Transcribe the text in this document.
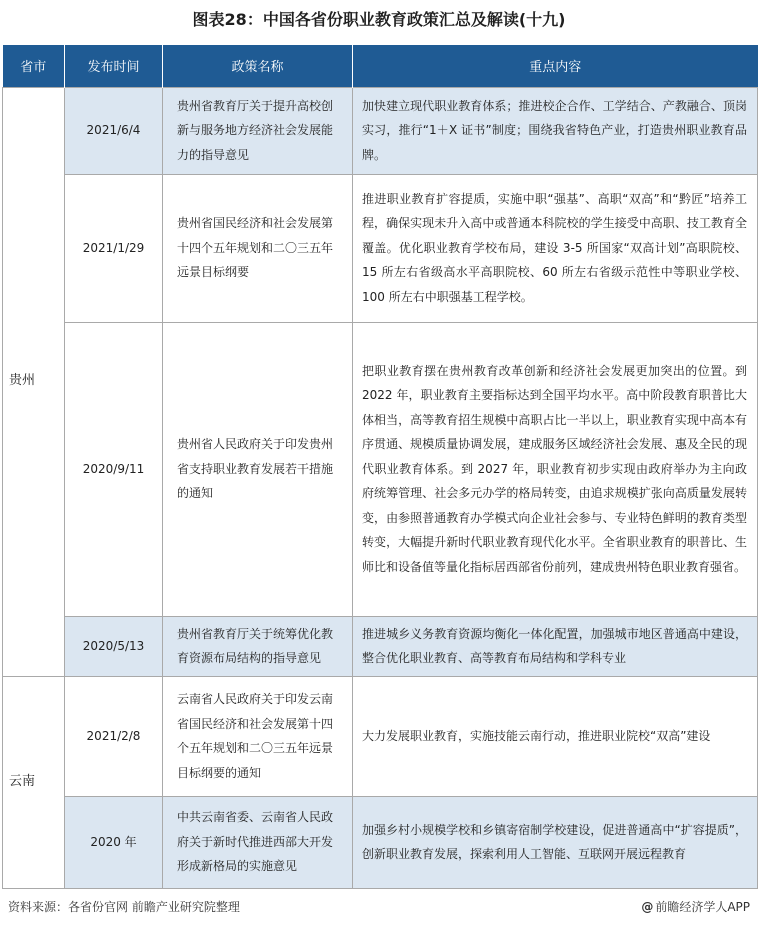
图表28：中国各省份职业教育政策汇总及解读(十九)
省市	发布时间	政策名称	重点内容
贵州	2021/6/4	贵州省教育厅关于提升高校创新与服务地方经济社会发展能力的指导意见	加快建立现代职业教育体系；推进校企合作、工学结合、产教融合、顶岗实习，推行“1＋X 证书”制度；围绕我省特色产业，打造贵州职业教育品牌。
	2021/1/29	贵州省国民经济和社会发展第十四个五年规划和二〇三五年远景目标纲要	推进职业教育扩容提质，实施中职“强基”、高职“双高”和“黔匠”培养工程，确保实现未升入高中或普通本科院校的学生接受中高职、技工教育全覆盖。优化职业教育学校布局，建设 3-5 所国家“双高计划”高职院校、15 所左右省级高水平高职院校、60 所左右省级示范性中等职业学校、100 所左右中职强基工程学校。
	2020/9/11	贵州省人民政府关于印发贵州省支持职业教育发展若干措施的通知	把职业教育摆在贵州教育改革创新和经济社会发展更加突出的位置。到 2022 年，职业教育主要指标达到全国平均水平。高中阶段教育职普比大体相当，高等教育招生规模中高职占比一半以上，职业教育实现中高本有序贯通、规模质量协调发展，建成服务区域经济社会发展、惠及全民的现代职业教育体系。到 2027 年，职业教育初步实现由政府举办为主向政府统筹管理、社会多元办学的格局转变，由追求规模扩张向高质量发展转变，由参照普通教育办学模式向企业社会参与、专业特色鲜明的教育类型转变，大幅提升新时代职业教育现代化水平。全省职业教育的职普比、生师比和设备值等量化指标居西部省份前列，建成贵州特色职业教育强省。
	2020/5/13	贵州省教育厅关于统筹优化教育资源布局结构的指导意见	推进城乡义务教育资源均衡化一体化配置，加强城市地区普通高中建设，整合优化职业教育、高等教育布局结构和学科专业
云南	2021/2/8	云南省人民政府关于印发云南省国民经济和社会发展第十四个五年规划和二〇三五年远景目标纲要的通知	大力发展职业教育，实施技能云南行动，推进职业院校“双高”建设
	2020 年	中共云南省委、云南省人民政府关于新时代推进西部大开发形成新格局的实施意见	加强乡村小规模学校和乡镇寄宿制学校建设，促进普通高中“扩容提质”，创新职业教育发展，探索利用人工智能、互联网开展远程教育
资料来源：各省份官网 前瞻产业研究院整理	@ 前瞻经济学人APP
